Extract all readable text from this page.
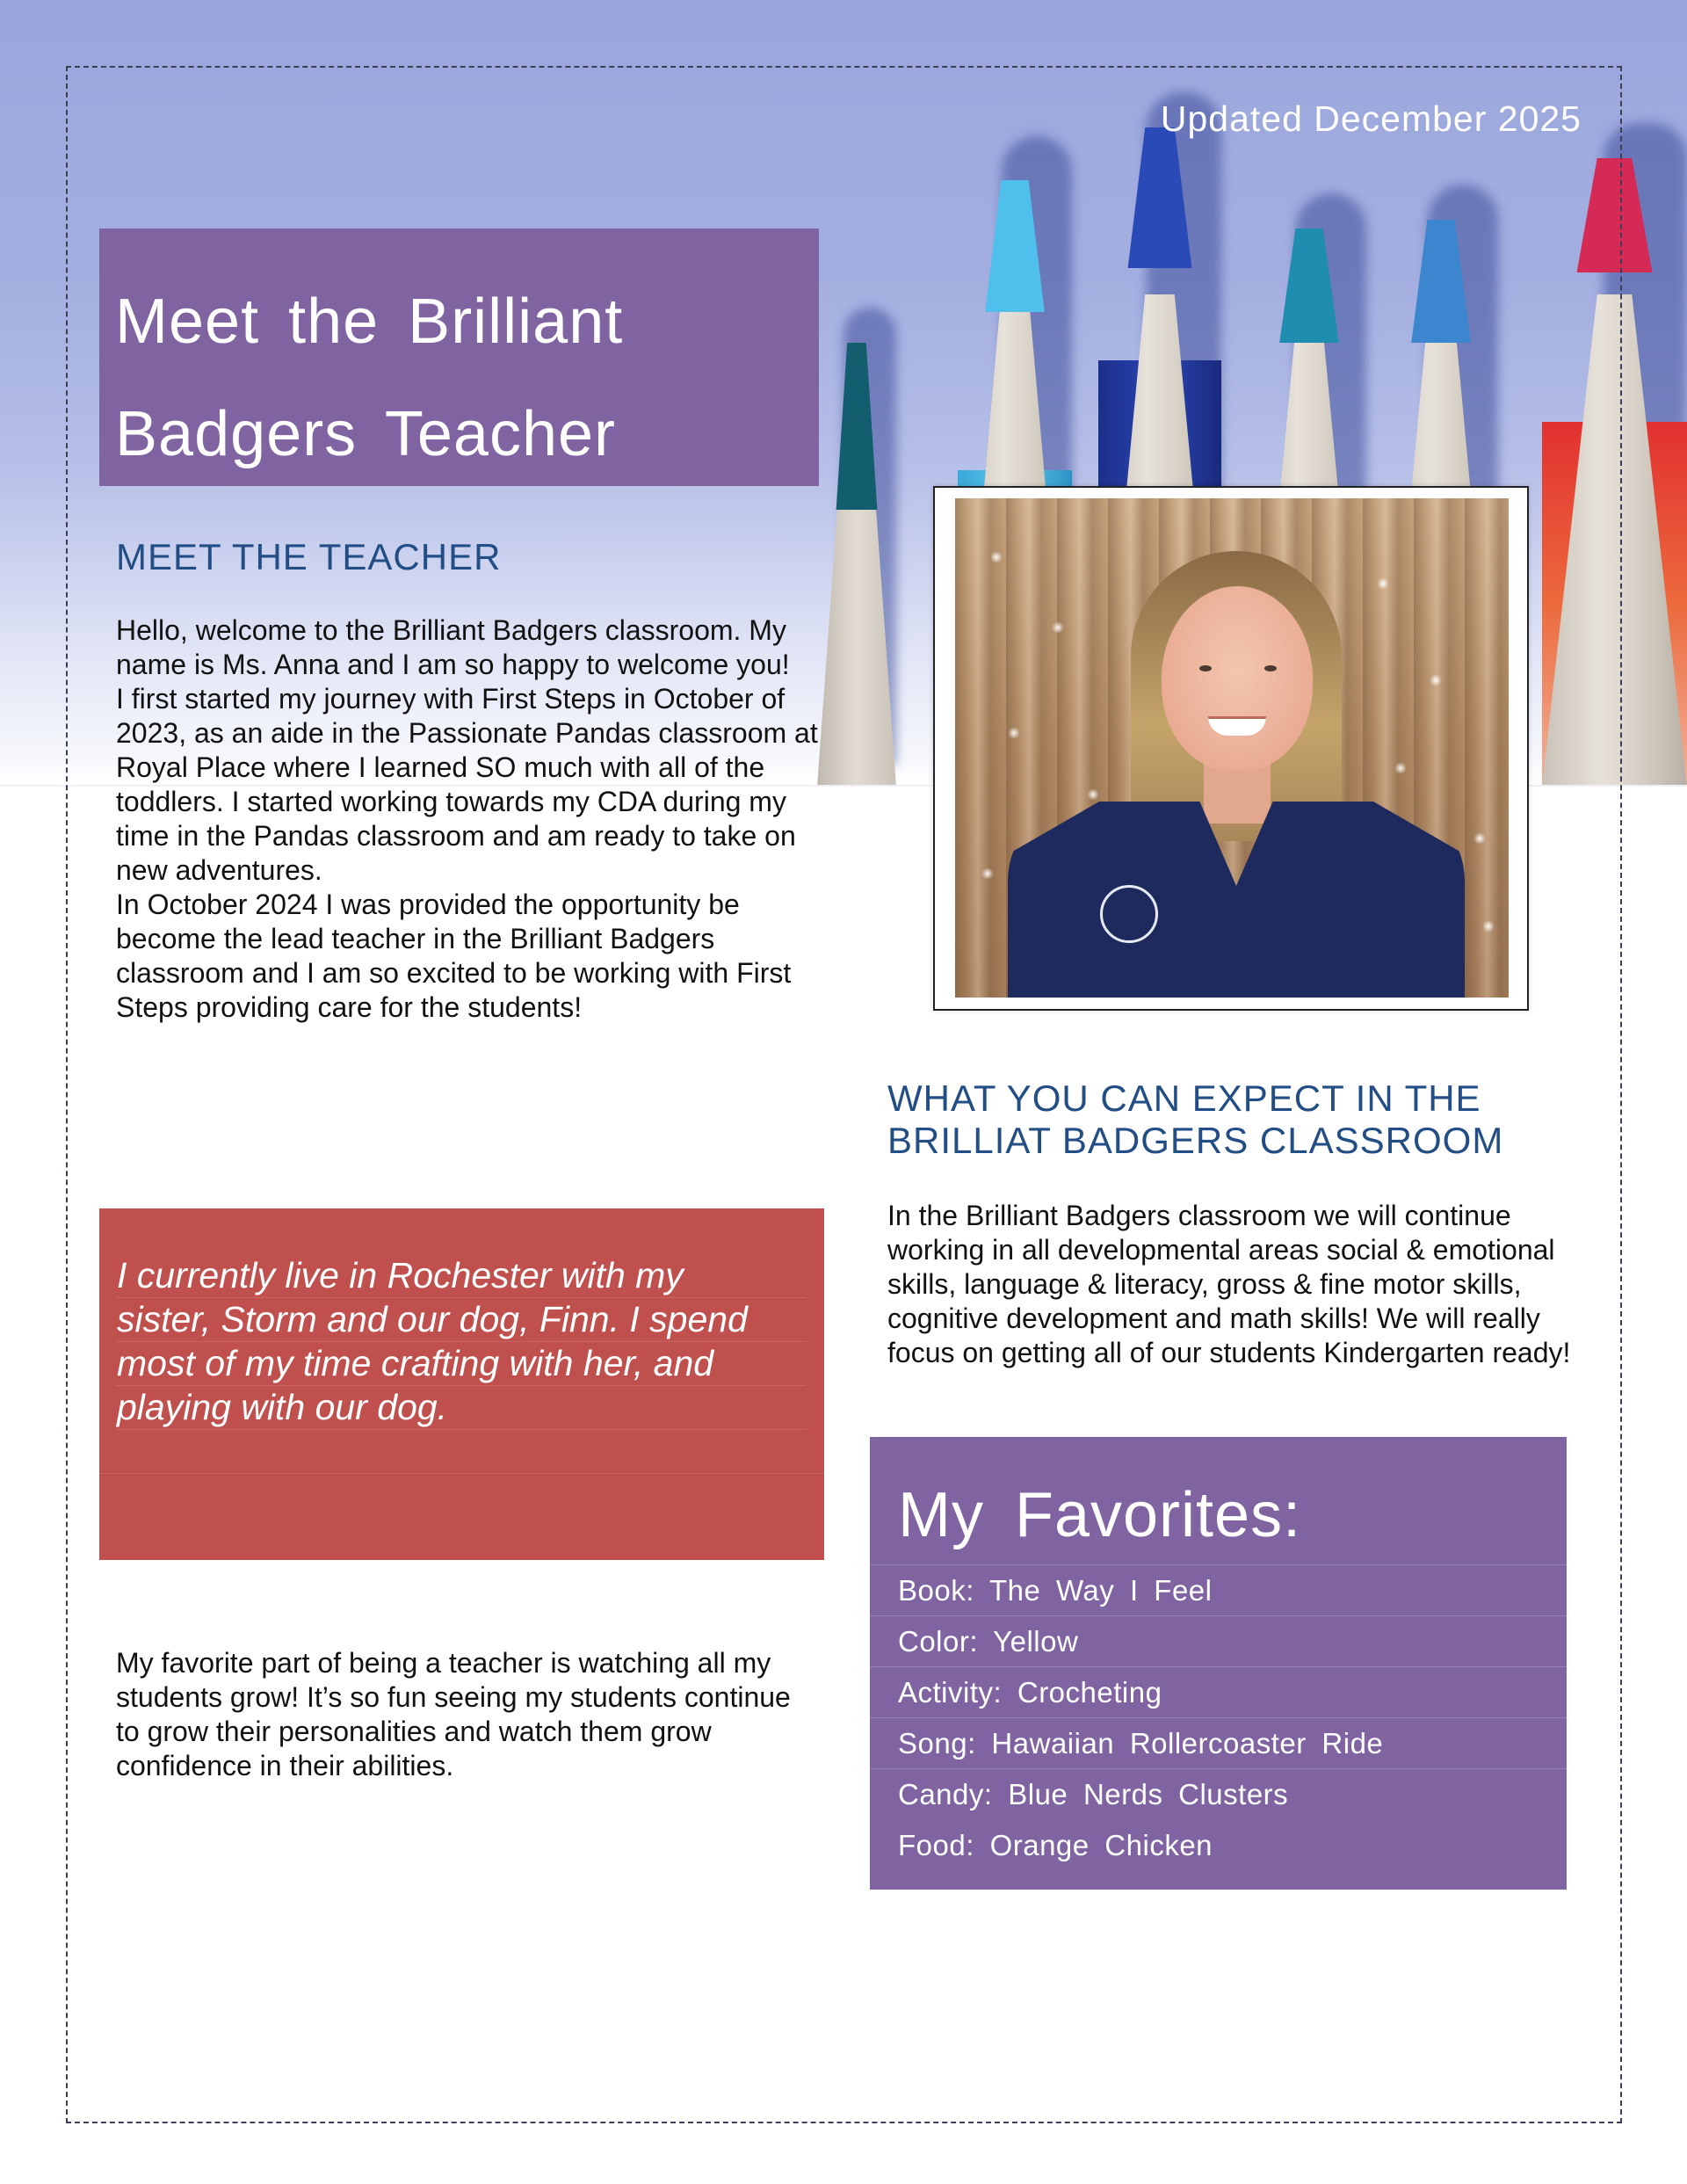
Updated December 2025
Meet the Brilliant
Badgers Teacher
MEET THE TEACHER

Hello, welcome to the Brilliant Badgers classroom. My name is Ms. Anna and I am so happy to welcome you!

I first started my journey with First Steps in October of 2023, as an aide in the Passionate Pandas classroom at Royal Place where I learned SO much with all of the toddlers. I started working towards my CDA during my time in the Pandas classroom and am ready to take on new adventures.

In October 2024 I was provided the opportunity be become the lead teacher in the Brilliant Badgers classroom and I am so excited to be working with First Steps providing care for the students!

I currently live in Rochester with my
sister, Storm and our dog, Finn. I spend
most of my time crafting with her, and
playing with our dog.
My favorite part of being a teacher is watching all my students grow! It’s so fun seeing my students continue to grow their personalities and watch them grow confidence in their abilities.
WHAT YOU CAN EXPECT IN THE
BRILLIAT BADGERS CLASSROOM
In the Brilliant Badgers classroom we will continue working in all developmental areas social & emotional skills, language & literacy, gross & fine motor skills, cognitive development and math skills! We will really focus on getting all of our students Kindergarten ready!
My Favorites:
Book: The Way I Feel
Color: Yellow
Activity: Crocheting
Song: Hawaiian Rollercoaster Ride
Candy: Blue Nerds Clusters
Food: Orange Chicken
